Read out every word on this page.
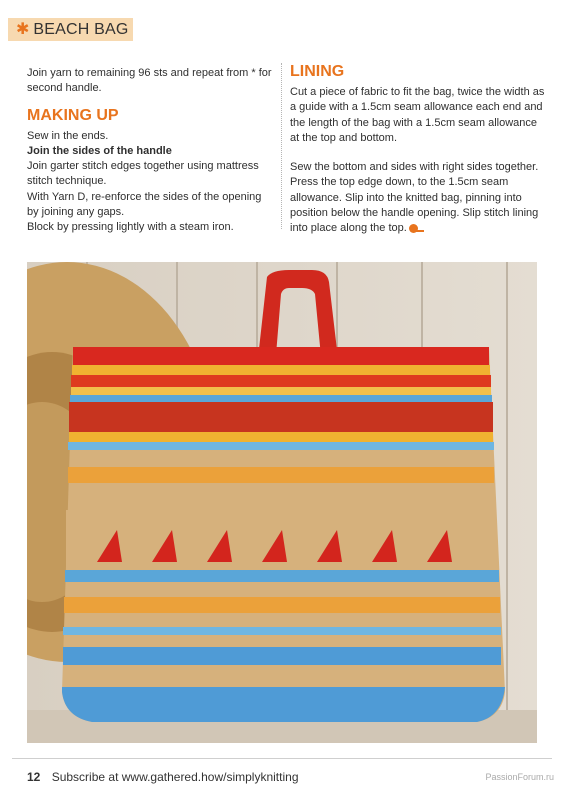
✱ BEACH BAG

Join yarn to remaining 96 sts and repeat from * for second handle.

MAKING UP

Sew in the ends.

Join the sides of the handle

Join garter stitch edges together using mattress stitch technique.

With Yarn D, re-enforce the sides of the opening by joining any gaps.

Block by pressing lightly with a steam iron.

LINING

Cut a piece of fabric to fit the bag, twice the width as a guide with a 1.5cm seam allowance each end and the length of the bag with a 1.5cm seam allowance at the top and bottom.

Sew the bottom and sides with right sides together. Press the top edge down, to the 1.5cm seam allowance. Slip into the knitted bag, pinning into position below the handle opening. Slip stitch lining into place along the top.

12 Subscribe at www.gathered.how/simplyknitting	PassionForum.ru
